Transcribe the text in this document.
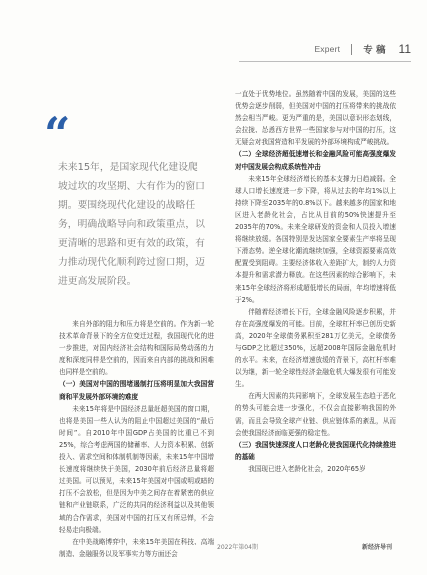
Expert 专 稿 11
“
未来15年，是国家现代化建设爬坡过坎的攻坚期、大有作为的窗口期。要围绕现代化建设的战略任务，明确战略导向和政策重点，以更清晰的思路和更有效的政策，有力推动现代化顺利跨过窗口期，迈进更高发展阶段。

来自外部的阻力和压力将是空前的。作为新一轮技术革命背景下的全方位变迁过程，我国现代化的进一步推进，对国内经济社会结构和国际局势动荡的力度和深度同样是空前的，因而来自内部的挑战和困难也同样是空前的。

（一）美国对中国的围堵遏制打压将明显加大我国营商和平发展外部环境的难度

未来15年将是中国经济总量赶超美国的窗口期，也将是美国一些人认为的阻止中国超过美国的“最后时间”。自2010年中国GDP占美国的比重已不到25%，综合考虑两国的储蓄率、人力资本积累、创新投入、需求空间和体制机制等因素，未来15年中国增长速度将继续快于美国，2030年前后经济总量将超过美国。可以预见，未来15年美国对中国或明或暗的打压不会放松，但是因为中美之间存在着紧密的供应链和产业链联系，广泛的共同的经济利益以及其他领域的合作需求，美国对中国的打压又有所忌惮，不会轻易走向极端。

在中美战略博弈中，未来15年美国在科技、高端制造、金融服务以及军事实力等方面还会

一直处于优势地位。虽然随着中国的发展，美国的这些优势会逐步削弱，但美国对中国的打压将带来的挑战依然会相当严峻。更为严重的是，美国以意识形态划线，会拉拢、怂恿西方世界一些国家参与对中国的打压，这无疑会对我国营造和平发展的外部环境构成严峻挑战。

（二）全球经济超低速增长和金融风险可能高强度爆发对中国发展会构成系统性冲击

未来15年全球经济增长的基本支撑力日趋减弱。全球人口增长速度进一步下降，将从过去的年均1%以上持续下降至2035年的0.8%以下。越来越多的国家和地区进入老龄化社会，占比从目前的50%快速提升至2035年的70%。未来全球研发的资金和人员投入增速将继续放缓。各国特别是发达国家全要素生产率将呈现下滑态势。逆全球化潮流继续加强，全球资源要素高效配置受到阻碍。主要经济体收入差距扩大，制约人力资本提升和需求潜力释放。在这些因素的综合影响下，未来15年全球经济将形成超低增长的局面，年均增速将低于2%。

伴随着经济增长下行，全球金融风险逐步积累，并存在高强度爆发的可能。目前，全球杠杆率已创历史新高，2020年全球债务累积至281万亿美元，全球债务与GDP之比超过350%，远超2008年国际金融危机时的水平。未来，在经济增速放缓的背景下，高杠杆率难以为继，新一轮全球性经济金融危机大爆发很有可能发生。

在两大因素的共同影响下，全球发展生态趋于恶化的势头可能会进一步强化，不仅会直接影响我国的外需，而且会导致全球产业链、供应链体系的紊乱，从而会使我国经济面临更强的稳定性。

（三）我国快速深度人口老龄化使我国现代化持续推进的基础

我国现已进入老龄化社会，2020年65岁

2022年第04期	新经济导刊
